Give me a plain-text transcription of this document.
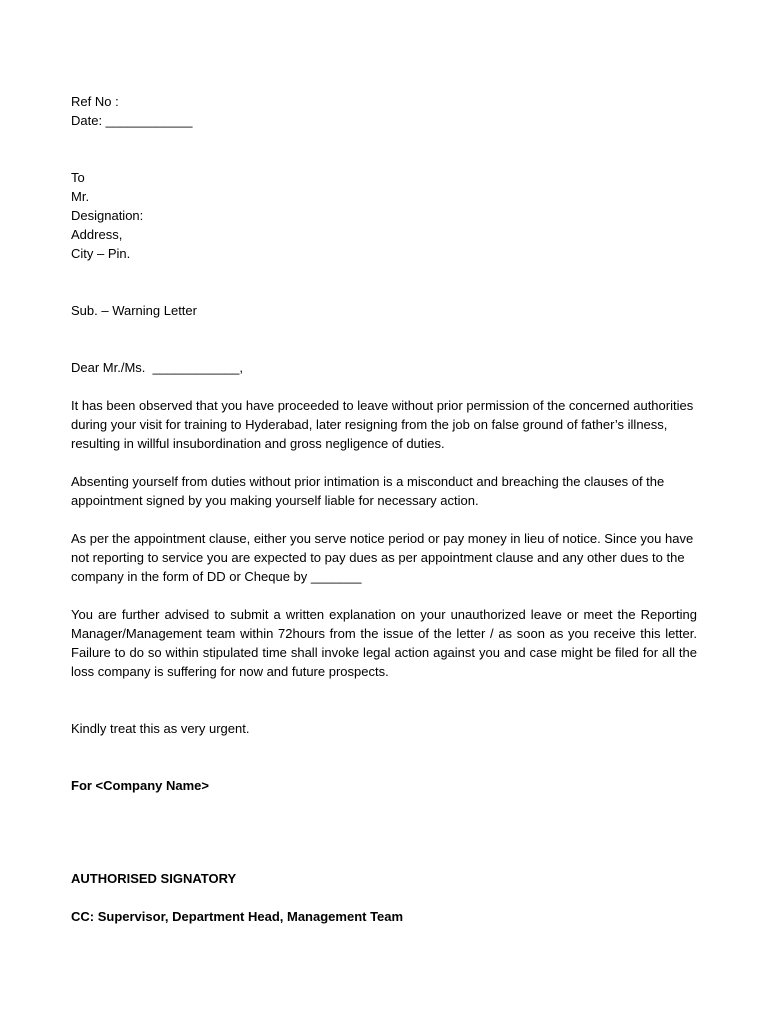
Ref No :
Date: ____________
To
Mr.
Designation:
Address,
City – Pin.
Sub. – Warning Letter
Dear Mr./Ms.  ____________,

It has been observed that you have proceeded to leave without prior permission of the concerned authorities during your visit for training to Hyderabad, later resigning from the job on false ground of father’s illness, resulting in willful insubordination and gross negligence of duties.

Absenting yourself from duties without prior intimation is a misconduct and breaching the clauses of the appointment signed by you making yourself liable for necessary action.

As per the appointment clause, either you serve notice period or pay money in lieu of notice. Since you have not reporting to service you are expected to pay dues as per appointment clause and any other dues to the company in the form of DD or Cheque by _______

You are further advised to submit a written explanation on your unauthorized leave or meet the Reporting Manager/Management team within 72hours from the issue of the letter / as soon as you receive this letter. Failure to do so within stipulated time shall invoke legal action against you and case might be filed for all the loss company is suffering for now and future prospects.

Kindly treat this as very urgent.
For <Company Name>
AUTHORISED SIGNATORY
CC: Supervisor, Department Head, Management Team
